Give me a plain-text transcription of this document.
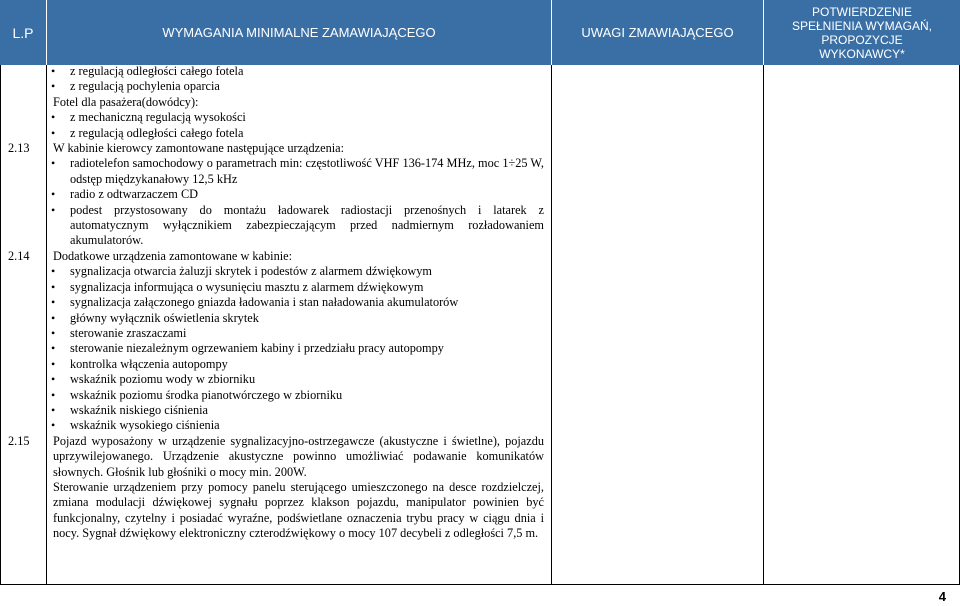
L.P	WYMAGANIA MINIMALNE ZAMAWIAJĄCEGO	UWAGI ZMAWIAJĄCEGO
POTWIERDZENIE
SPEŁNIENIA WYMAGAŃ,
PROPOZYCJE
WYKONAWCY*
• z regulacją odległości całego fotela
• z regulacją pochylenia oparcia
Fotel dla pasażera(dowódcy):
• z mechaniczną regulacją wysokości
• z regulacją odległości całego fotela
2.13 W kabinie kierowcy zamontowane następujące urządzenia:
• radiotelefon samochodowy o parametrach min: częstotliwość VHF 136-174 MHz, moc 1÷25 W, odstęp międzykanałowy 12,5 kHz
• radio z odtwarzaczem CD
• podest przystosowany do montażu ładowarek radiostacji przenośnych i latarek z automatycznym wyłącznikiem zabezpieczającym przed nadmiernym rozładowaniem akumulatorów.
2.14 Dodatkowe urządzenia zamontowane w kabinie:
• sygnalizacja otwarcia żaluzji skrytek i podestów z alarmem dźwiękowym
• sygnalizacja informująca o wysunięciu masztu z alarmem dźwiękowym
• sygnalizacja załączonego gniazda ładowania i stan naładowania akumulatorów
• główny wyłącznik oświetlenia skrytek
• sterowanie zraszaczami
• sterowanie niezależnym ogrzewaniem kabiny i przedziału pracy autopompy
• kontrolka włączenia autopompy
• wskaźnik poziomu wody w zbiorniku
• wskaźnik poziomu środka pianotwórczego w zbiorniku
• wskaźnik niskiego ciśnienia
• wskaźnik wysokiego ciśnienia
2.15 Pojazd wyposażony w urządzenie sygnalizacyjno-ostrzegawcze (akustyczne i świetlne), pojazdu uprzywilejowanego. Urządzenie akustyczne powinno umożliwiać podawanie komunikatów słownych. Głośnik lub głośniki o mocy min. 200W.
Sterowanie urządzeniem przy pomocy panelu sterującego umieszczonego na desce rozdzielczej, zmiana modulacji dźwiękowej sygnału poprzez klakson pojazdu, manipulator powinien być funkcjonalny, czytelny i posiadać wyraźne, podświetlane oznaczenia trybu pracy w ciągu dnia i nocy. Sygnał dźwiękowy elektroniczny czterodźwiękowy o mocy 107 decybeli z odległości 7,5 m.
4
